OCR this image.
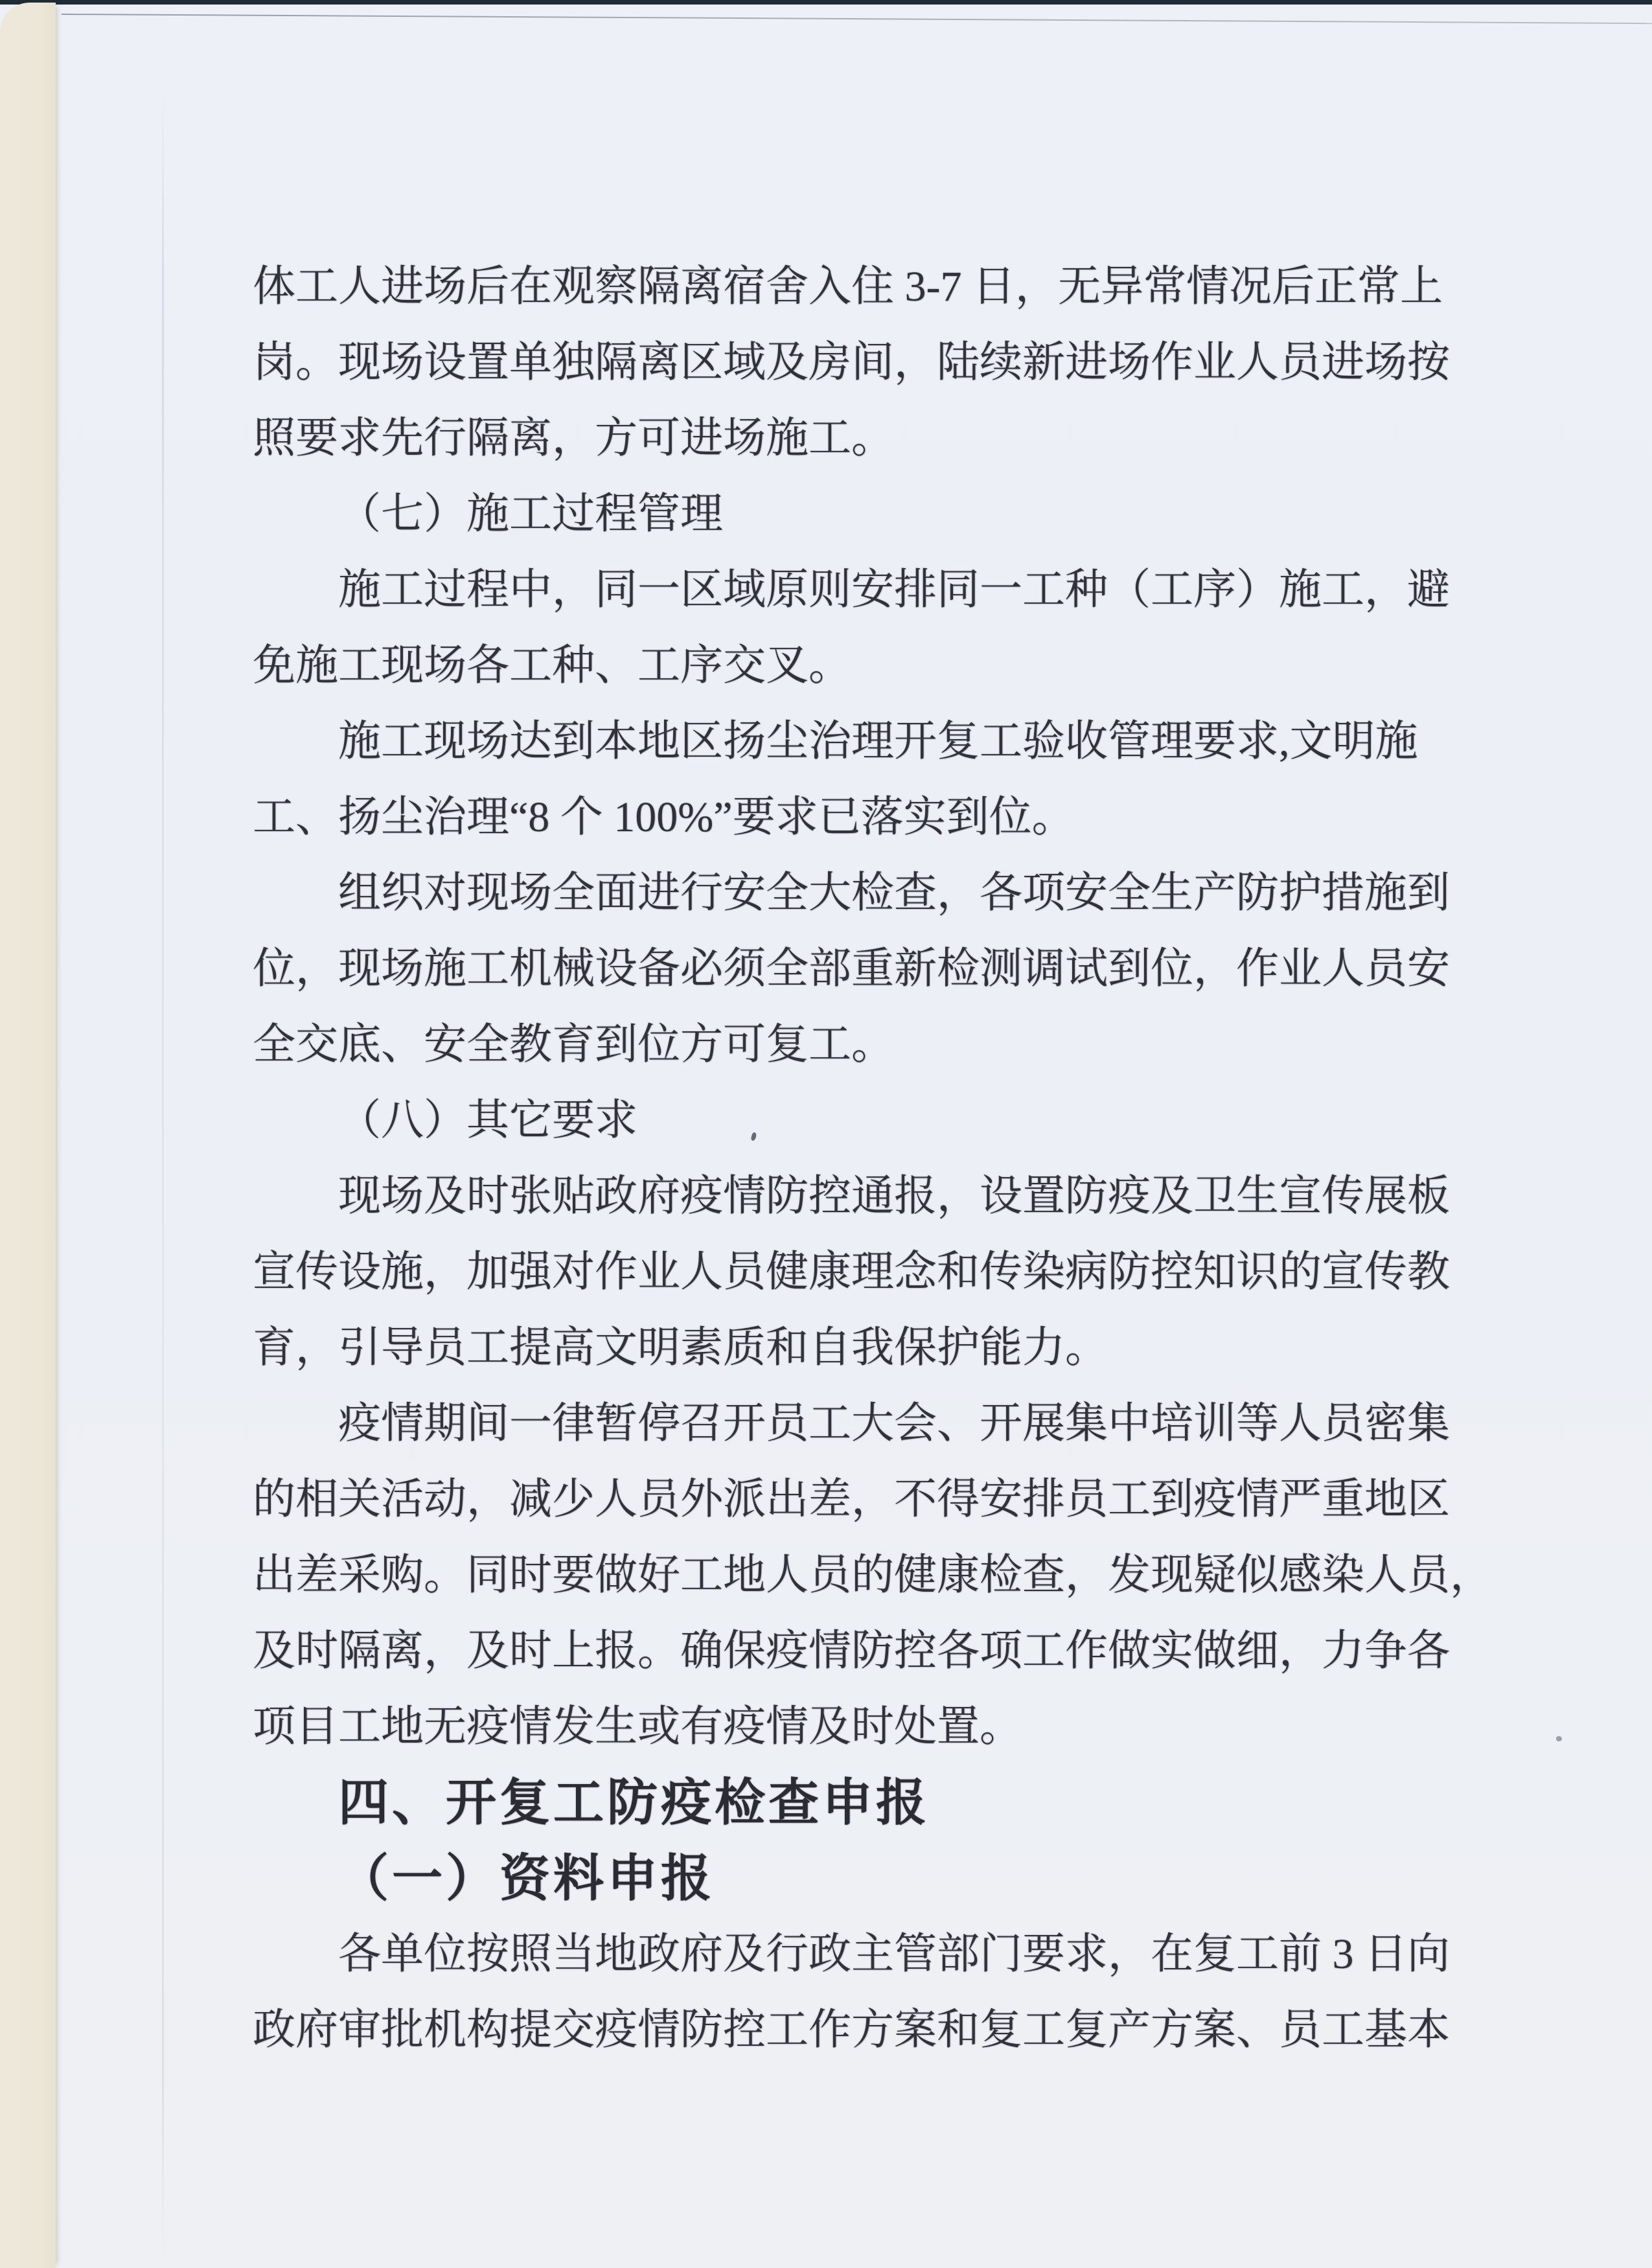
体工人进场后在观察隔离宿舍入住 3-7 日，无异常情况后正常上
岗。现场设置单独隔离区域及房间，陆续新进场作业人员进场按
照要求先行隔离，方可进场施工。
（七）施工过程管理
施工过程中，同一区域原则安排同一工种（工序）施工，避
免施工现场各工种、工序交叉。
施工现场达到本地区扬尘治理开复工验收管理要求,文明施
工、扬尘治理“8 个 100%”要求已落实到位。
组织对现场全面进行安全大检查，各项安全生产防护措施到
位，现场施工机械设备必须全部重新检测调试到位，作业人员安
全交底、安全教育到位方可复工。
（八）其它要求
现场及时张贴政府疫情防控通报，设置防疫及卫生宣传展板
宣传设施，加强对作业人员健康理念和传染病防控知识的宣传教
育，引导员工提高文明素质和自我保护能力。
疫情期间一律暂停召开员工大会、开展集中培训等人员密集
的相关活动，减少人员外派出差，不得安排员工到疫情严重地区
出差采购。同时要做好工地人员的健康检查，发现疑似感染人员，
及时隔离，及时上报。确保疫情防控各项工作做实做细，力争各
项目工地无疫情发生或有疫情及时处置。
四、开复工防疫检查申报
（一）资料申报
各单位按照当地政府及行政主管部门要求，在复工前 3 日向
政府审批机构提交疫情防控工作方案和复工复产方案、员工基本
